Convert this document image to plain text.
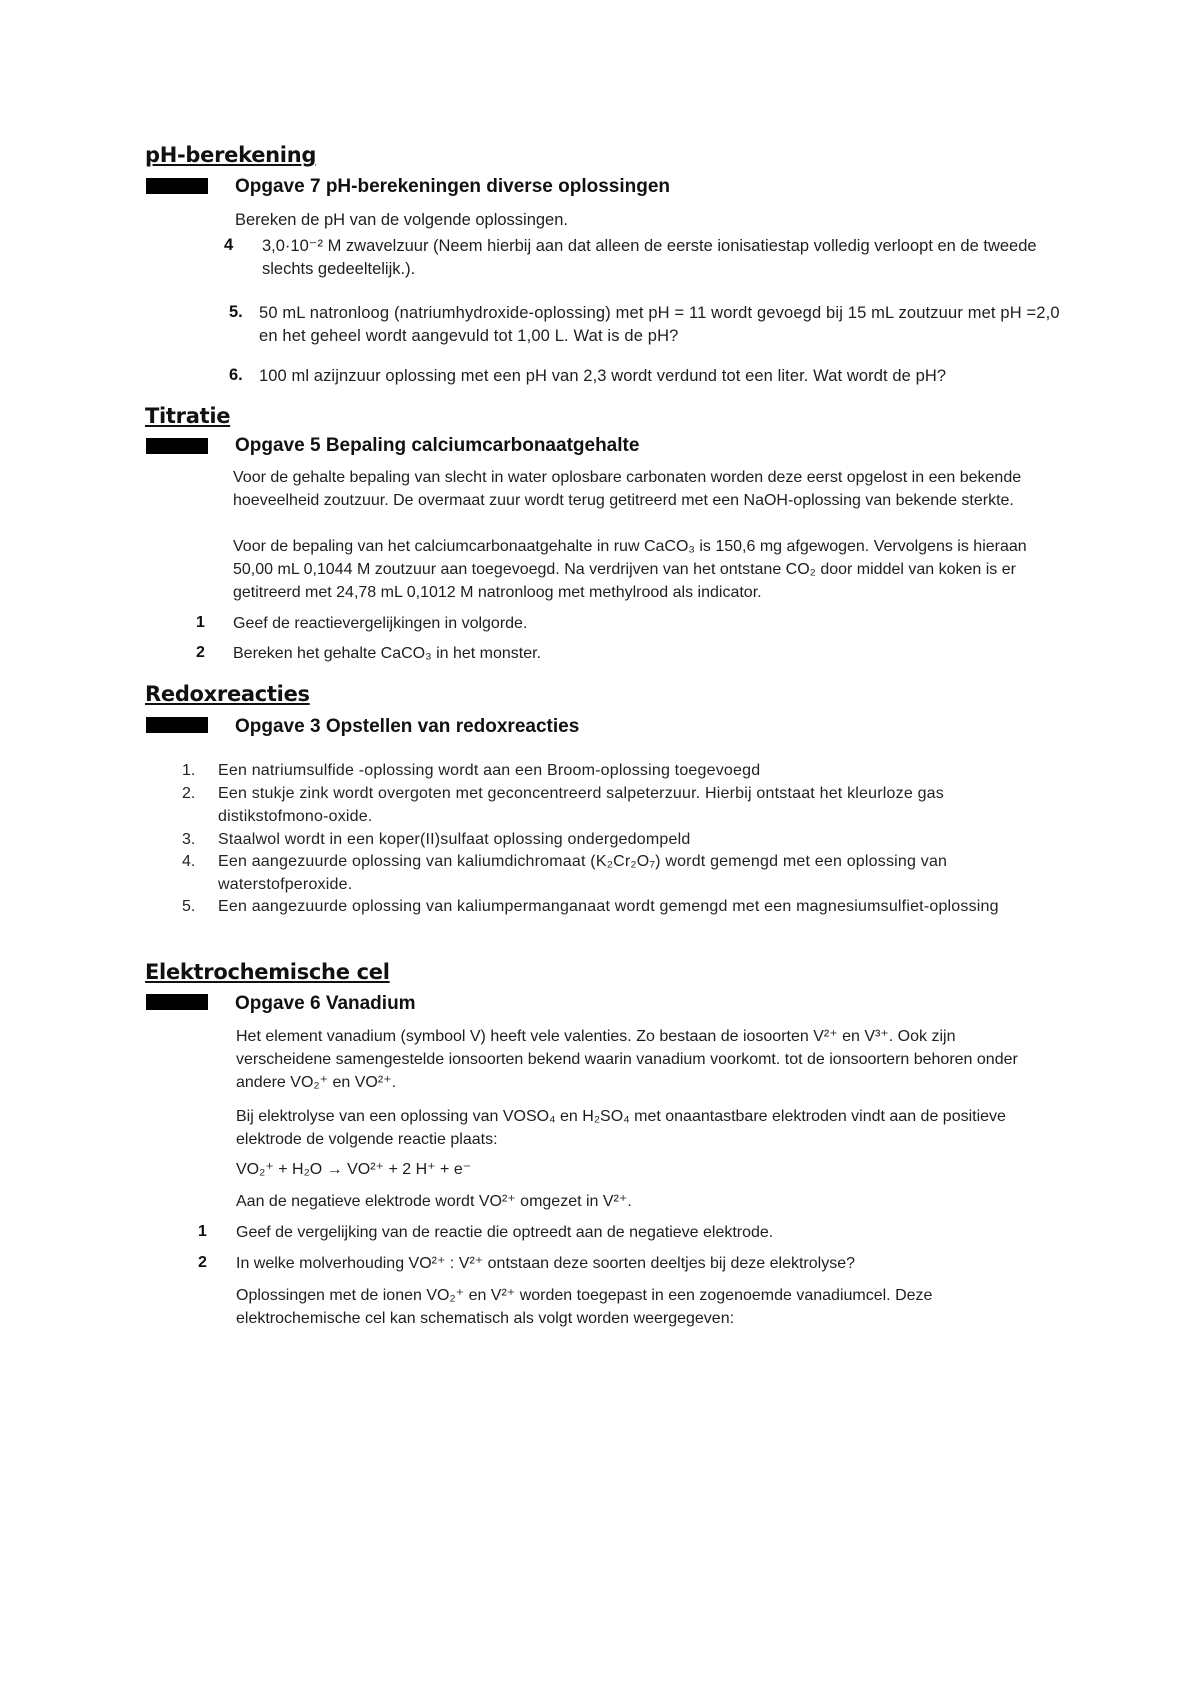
pH-berekening
Opgave 7 pH-berekeningen diverse oplossingen
Bereken de pH van de volgende oplossingen.
4 3,0·10⁻² M zwavelzuur (Neem hierbij aan dat alleen de eerste ionisatiestap volledig verloopt en de tweede slechts gedeeltelijk.).
5. 50 mL natronloog (natriumhydroxide-oplossing) met pH = 11 wordt gevoegd bij 15 mL zoutzuur met pH =2,0 en het geheel wordt aangevuld tot 1,00 L. Wat is de pH?
6. 100 ml azijnzuur oplossing met een pH van 2,3 wordt verdund tot een liter. Wat wordt de pH?
Titratie
Opgave 5 Bepaling calciumcarbonaatgehalte
Voor de gehalte bepaling van slecht in water oplosbare carbonaten worden deze eerst opgelost in een bekende hoeveelheid zoutzuur. De overmaat zuur wordt terug getitreerd met een NaOH-oplossing van bekende sterkte.
Voor de bepaling van het calciumcarbonaatgehalte in ruw CaCO₃ is 150,6 mg afgewogen. Vervolgens is hieraan 50,00 mL 0,1044 M zoutzuur aan toegevoegd. Na verdrijven van het ontstane CO₂ door middel van koken is er getitreerd met 24,78 mL 0,1012 M natronloog met methylrood als indicator.
1 Geef de reactievergelijkingen in volgorde.
2 Bereken het gehalte CaCO₃ in het monster.
Redoxreacties
Opgave 3 Opstellen van redoxreacties
1. Een natriumsulfide -oplossing wordt aan een Broom-oplossing toegevoegd
2. Een stukje zink wordt overgoten met geconcentreerd salpeterzuur. Hierbij ontstaat het kleurloze gas distikstofmono-oxide.
3. Staalwol wordt in een koper(II)sulfaat oplossing ondergedompeld
4. Een aangezuurde oplossing van kaliumdichromaat (K₂Cr₂O₇) wordt gemengd met een oplossing van waterstofperoxide.
5. Een aangezuurde oplossing van kaliumpermanganaat wordt gemengd met een magnesiumsulfiet-oplossing
Elektrochemische cel
Opgave 6 Vanadium
Het element vanadium (symbool V) heeft vele valenties. Zo bestaan de iosoorten V²⁺ en V³⁺. Ook zijn verscheidene samengestelde ionsoorten bekend waarin vanadium voorkomt. tot de ionsoortern behoren onder andere VO₂⁺ en VO²⁺.
Bij elektrolyse van een oplossing van VOSO₄ en H₂SO₄ met onaantastbare elektroden vindt aan de positieve elektrode de volgende reactie plaats:
VO₂⁺ + H₂O → VO²⁺ + 2 H⁺ + e⁻
Aan de negatieve elektrode wordt VO²⁺ omgezet in V²⁺.
1 Geef de vergelijking van de reactie die optreedt aan de negatieve elektrode.
2 In welke molverhouding VO²⁺ : V²⁺ ontstaan deze soorten deeltjes bij deze elektrolyse?
Oplossingen met de ionen VO₂⁺ en V²⁺ worden toegepast in een zogenoemde vanadiumcel. Deze elektrochemische cel kan schematisch als volgt worden weergegeven:
